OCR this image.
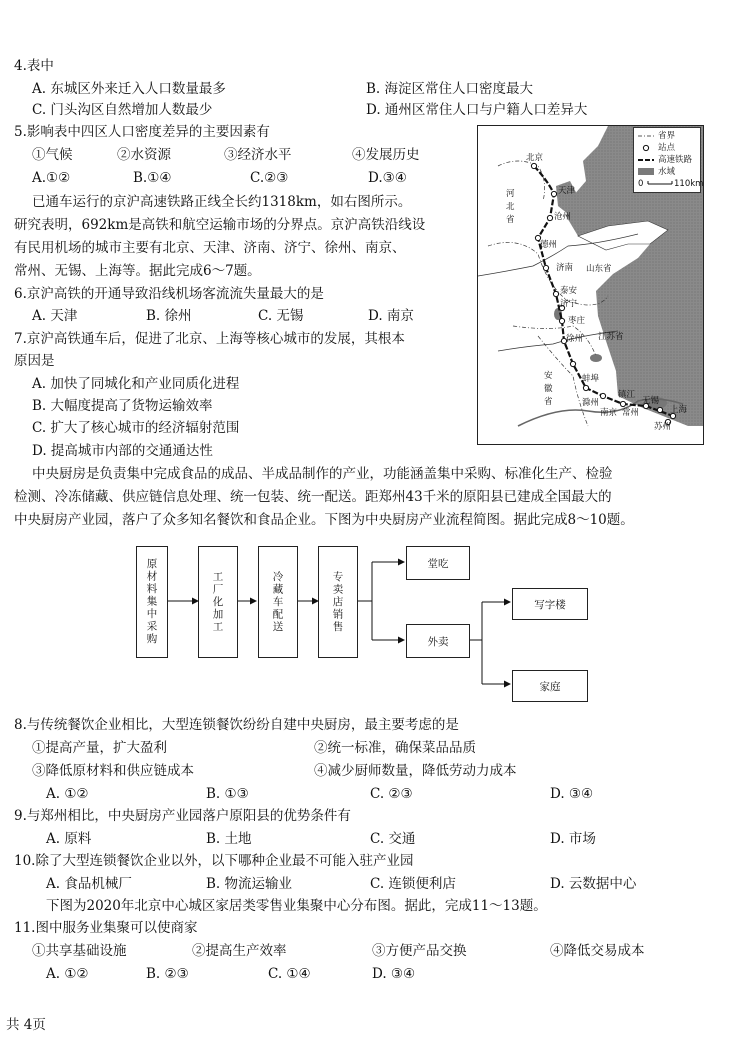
A. 东城区外来迁入人口数量最多	B. 海淀区常住人口密度最大
C. 门头沟区自然增加人数最少	D. 通州区常住人口与户籍人口差异大
5.影响表中四区人口密度差异的主要因素有
①气候	②水资源	③经济水平	④发展历史
A.①②	B.①④	C.②③	D.③④
已通车运行的京沪高速铁路正线全长约1318km，如右图所示。
研究表明，692km是高铁和航空运输市场的分界点。京沪高铁沿线设
有民用机场的城市主要有北京、天津、济南、济宁、徐州、南京、
常州、无锡、上海等。据此完成6～7题。
6.京沪高铁的开通导致沿线机场客流流失量最大的是
A. 天津	B. 徐州	C. 无锡	D. 南京
7.京沪高铁通车后，促进了北京、上海等核心城市的发展，其根本
原因是
A. 加快了同城化和产业同质化进程
B. 大幅度提高了货物运输效率
C. 扩大了核心城市的经济辐射范围
D. 提高城市内部的交通通达性
北京
天津
河
北
省	沧州
德州
济南 山东省
泰安
济宁
枣庄
江苏省
徐州
安
徽
省
蚌埠
滁州
南京
镇江
常州
无锡
上海
苏州
省界
站点
高速铁路
水域
0	110km
中央厨房是负责集中完成食品的成品、半成品制作的产业，功能涵盖集中采购、标准化生产、检验
检测、冷冻储藏、供应链信息处理、统一包装、统一配送。距郑州43千米的原阳县已建成全国最大的
中央厨房产业园，落户了众多知名餐饮和食品企业。下图为中央厨房产业流程简图。据此完成8～10题。
原材料集中采购	工厂化加工	冷藏车配送	专卖店销售
堂吃
外卖
写字楼
家庭
8.与传统餐饮企业相比，大型连锁餐饮纷纷自建中央厨房，最主要考虑的是
①提高产量，扩大盈利	②统一标准，确保菜品品质
③降低原材料和供应链成本	④减少厨师数量，降低劳动力成本
A. ①②	B. ①③	C. ②③	D. ③④
9.与郑州相比，中央厨房产业园落户原阳县的优势条件有
A. 原料	B. 土地	C. 交通	D. 市场
10.除了大型连锁餐饮企业以外，以下哪种企业最不可能入驻产业园
A. 食品机械厂	B. 物流运输业	C. 连锁便利店	D. 云数据中心
下图为2020年北京中心城区家居类零售业集聚中心分布图。据此，完成11～13题。
11.图中服务业集聚可以使商家
①共享基础设施	②提高生产效率	③方便产品交换	④降低交易成本
A. ①②	B. ②③	C. ①④	D. ③④
共 4页
4.表中
